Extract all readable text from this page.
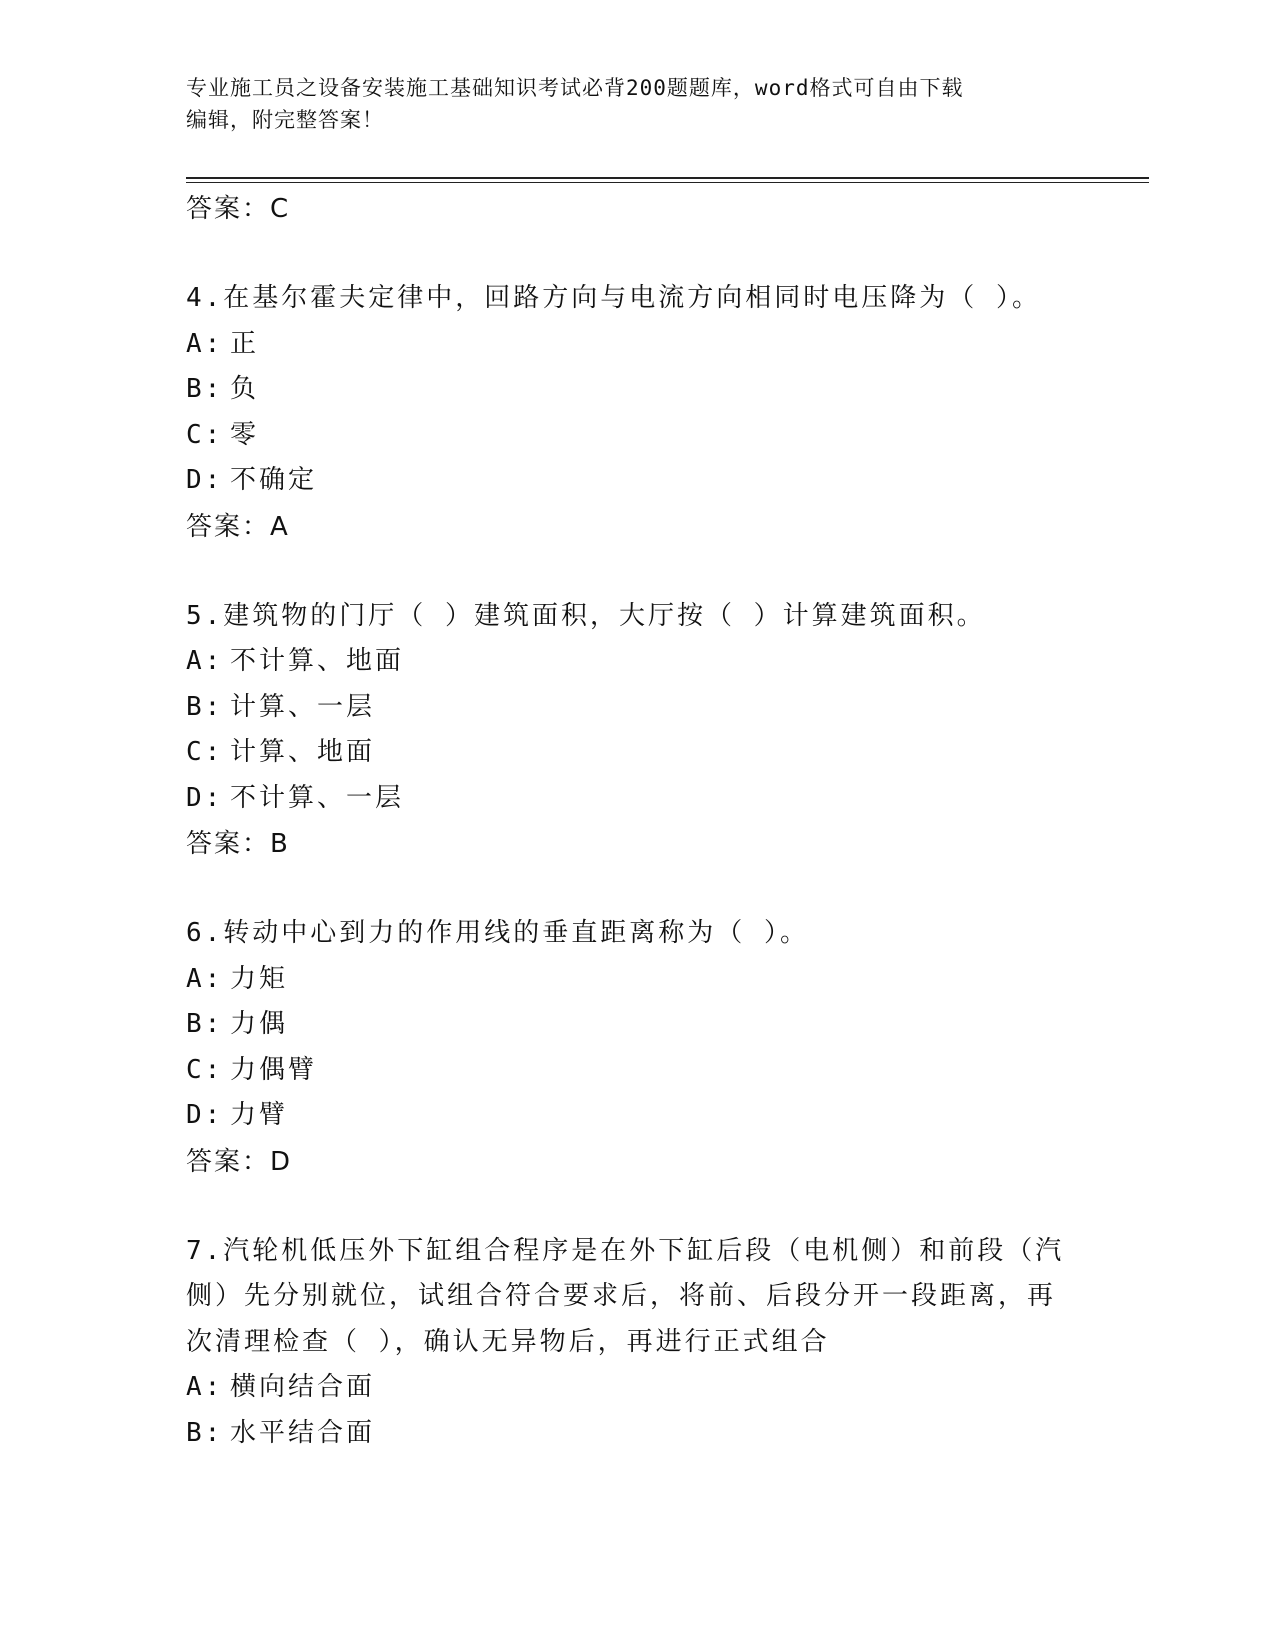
专业施工员之设备安装施工基础知识考试必背200题题库，word格式可自由下载
编辑，附完整答案！
答案：C
4.在基尔霍夫定律中，回路方向与电流方向相同时电压降为（ ）。
A: 正
B: 负
C: 零
D: 不确定
答案：A
5.建筑物的门厅（ ）建筑面积，大厅按（ ）计算建筑面积。
A: 不计算、地面
B: 计算、一层
C: 计算、地面
D: 不计算、一层
答案：B
6.转动中心到力的作用线的垂直距离称为（ ）。
A: 力矩
B: 力偶
C: 力偶臂
D: 力臂
答案：D
7.汽轮机低压外下缸组合程序是在外下缸后段（电机侧）和前段（汽
侧）先分别就位，试组合符合要求后，将前、后段分开一段距离，再
次清理检查（ ），确认无异物后，再进行正式组合
A: 横向结合面
B: 水平结合面
